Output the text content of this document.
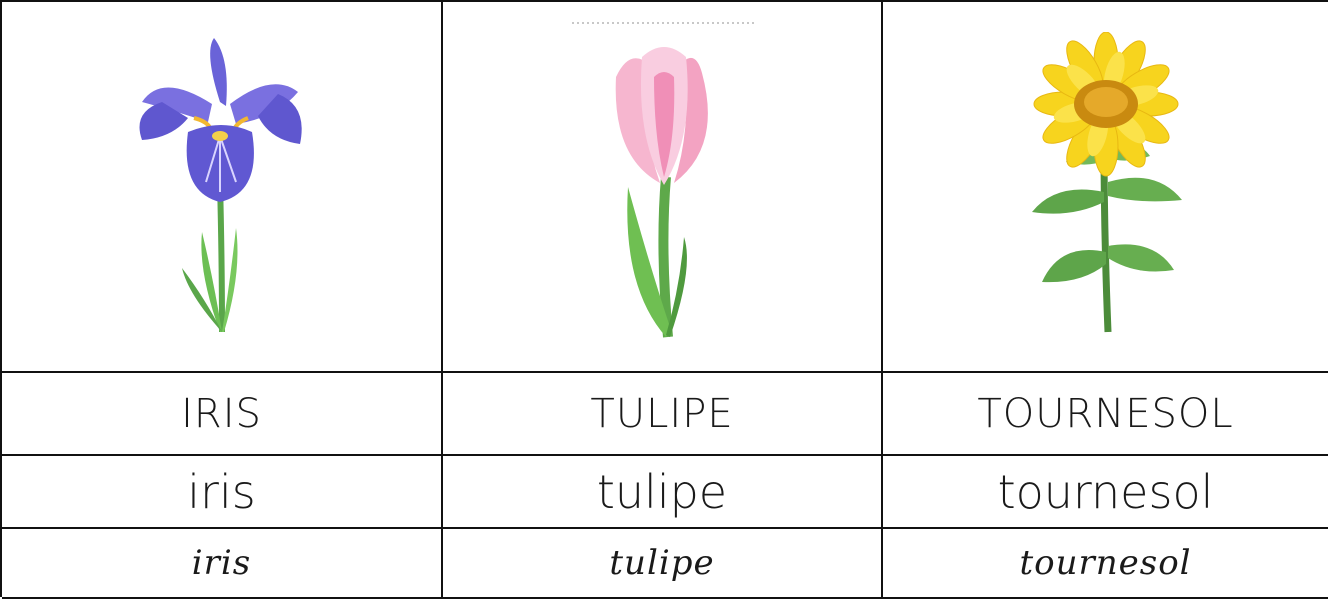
IRIS	TULIPE	TOURNESOL
iris	tulipe	tournesol
iris	tulipe	tournesol
